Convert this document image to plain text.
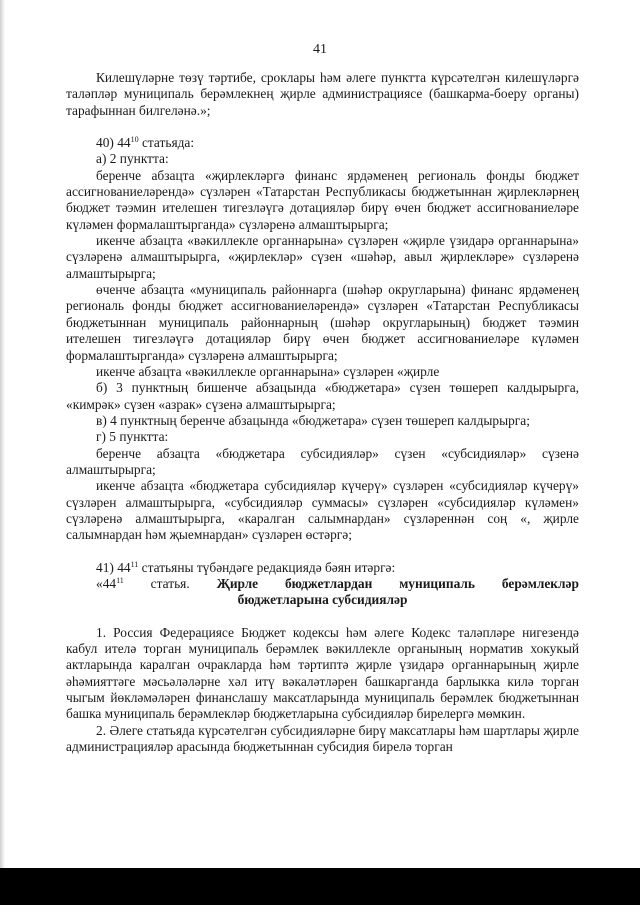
41

Килешүләрне төзү тәртибе, сроклары һәм әлеге пунктта күрсәтелгән килешүләргә таләпләр муниципаль берәмлекнең җирле администрациясе (башкарма-боеру органы) тарафыннан билгеләнә.»;

40) $44^{10}$ статьяда:

а) 2 пунктта:

беренче абзацта «җирлекләргә финанс ярдәменең региональ фонды бюджет ассигнованиеләрендә» сүзләрен «Татарстан Республикасы бюджетыннан җирлекләрнең бюджет тәэмин ителешен тигезләүгә дотацияләр бирү өчен бюджет ассигнованиеләре күләмен формалаштырганда» сүзләренә алмаштырырга;

икенче абзацта «вәкиллекле органнарына» сүзләрен «җирле үзидарә органнарына» сүзләренә алмаштырырга, «җирлекләр» сүзен «шәһәр, авыл җирлекләре» сүзләренә алмаштырырга;

өченче абзацта «муниципаль районнарга (шәһәр округларына) финанс ярдәменең региональ фонды бюджет ассигнованиеләрендә» сүзләрен «Татарстан Республикасы бюджетыннан муниципаль районнарның (шәһәр округларының) бюджет тәэмин ителешен тигезләүгә дотацияләр бирү өчен бюджет ассигнованиеләре күләмен формалаштырганда» сүзләренә алмаштырырга;

икенче абзацта «вәкиллекле органнарына» сүзләрен «җирле

б) 3 пунктның бишенче абзацында «бюджетара» сүзен төшереп калдырырга, «кимрәк» сүзен «азрак» сүзенә алмаштырырга;

в) 4 пунктның беренче абзацында «бюджетара» сүзен төшереп калдырырга;

г) 5 пунктта:

беренче абзацта «бюджетара субсидияләр» сүзен «субсидияләр» сүзенә алмаштырырга;

икенче абзацта «бюджетара субсидияләр күчерү» сүзләрен «субсидияләр күчерү» сүзләрен алмаштырырга, «субсидияләр суммасы» сүзләрен «субсидияләр күләмен» сүзләренә алмаштырырга, «каралган салымнардан» сүзләреннән соң «, җирле салымнардан һәм җыемнардан» сүзләрен өстәргә;

41) $44^{11}$ статьяны түбәндәге редакциядә бәян итәргә:

«$44^{11}$ статья. Җирле бюджетлардан муниципаль берәмлекләр

бюджетларына субсидияләр

1. Россия Федерациясе Бюджет кодексы һәм әлеге Кодекс таләпләре нигезендә кабул ителә торган муниципаль берәмлек вәкиллекле органының норматив хокукый актларында каралган очракларда һәм тәртиптә җирле үзидарә органнарының җирле әһәмияттәге мәсьәләләрне хәл итү вәкаләтләрен башкарганда барлыкка килә торган чыгым йөкләмәләрен финанслашу максатларында муниципаль берәмлек бюджетыннан башка муниципаль берәмлекләр бюджетларына субсидияләр бирелергә мөмкин.

2. Әлеге статьяда күрсәтелгән субсидияләрне бирү максатлары һәм шартлары җирле администрацияләр арасында бюджетыннан субсидия бирелә торган
